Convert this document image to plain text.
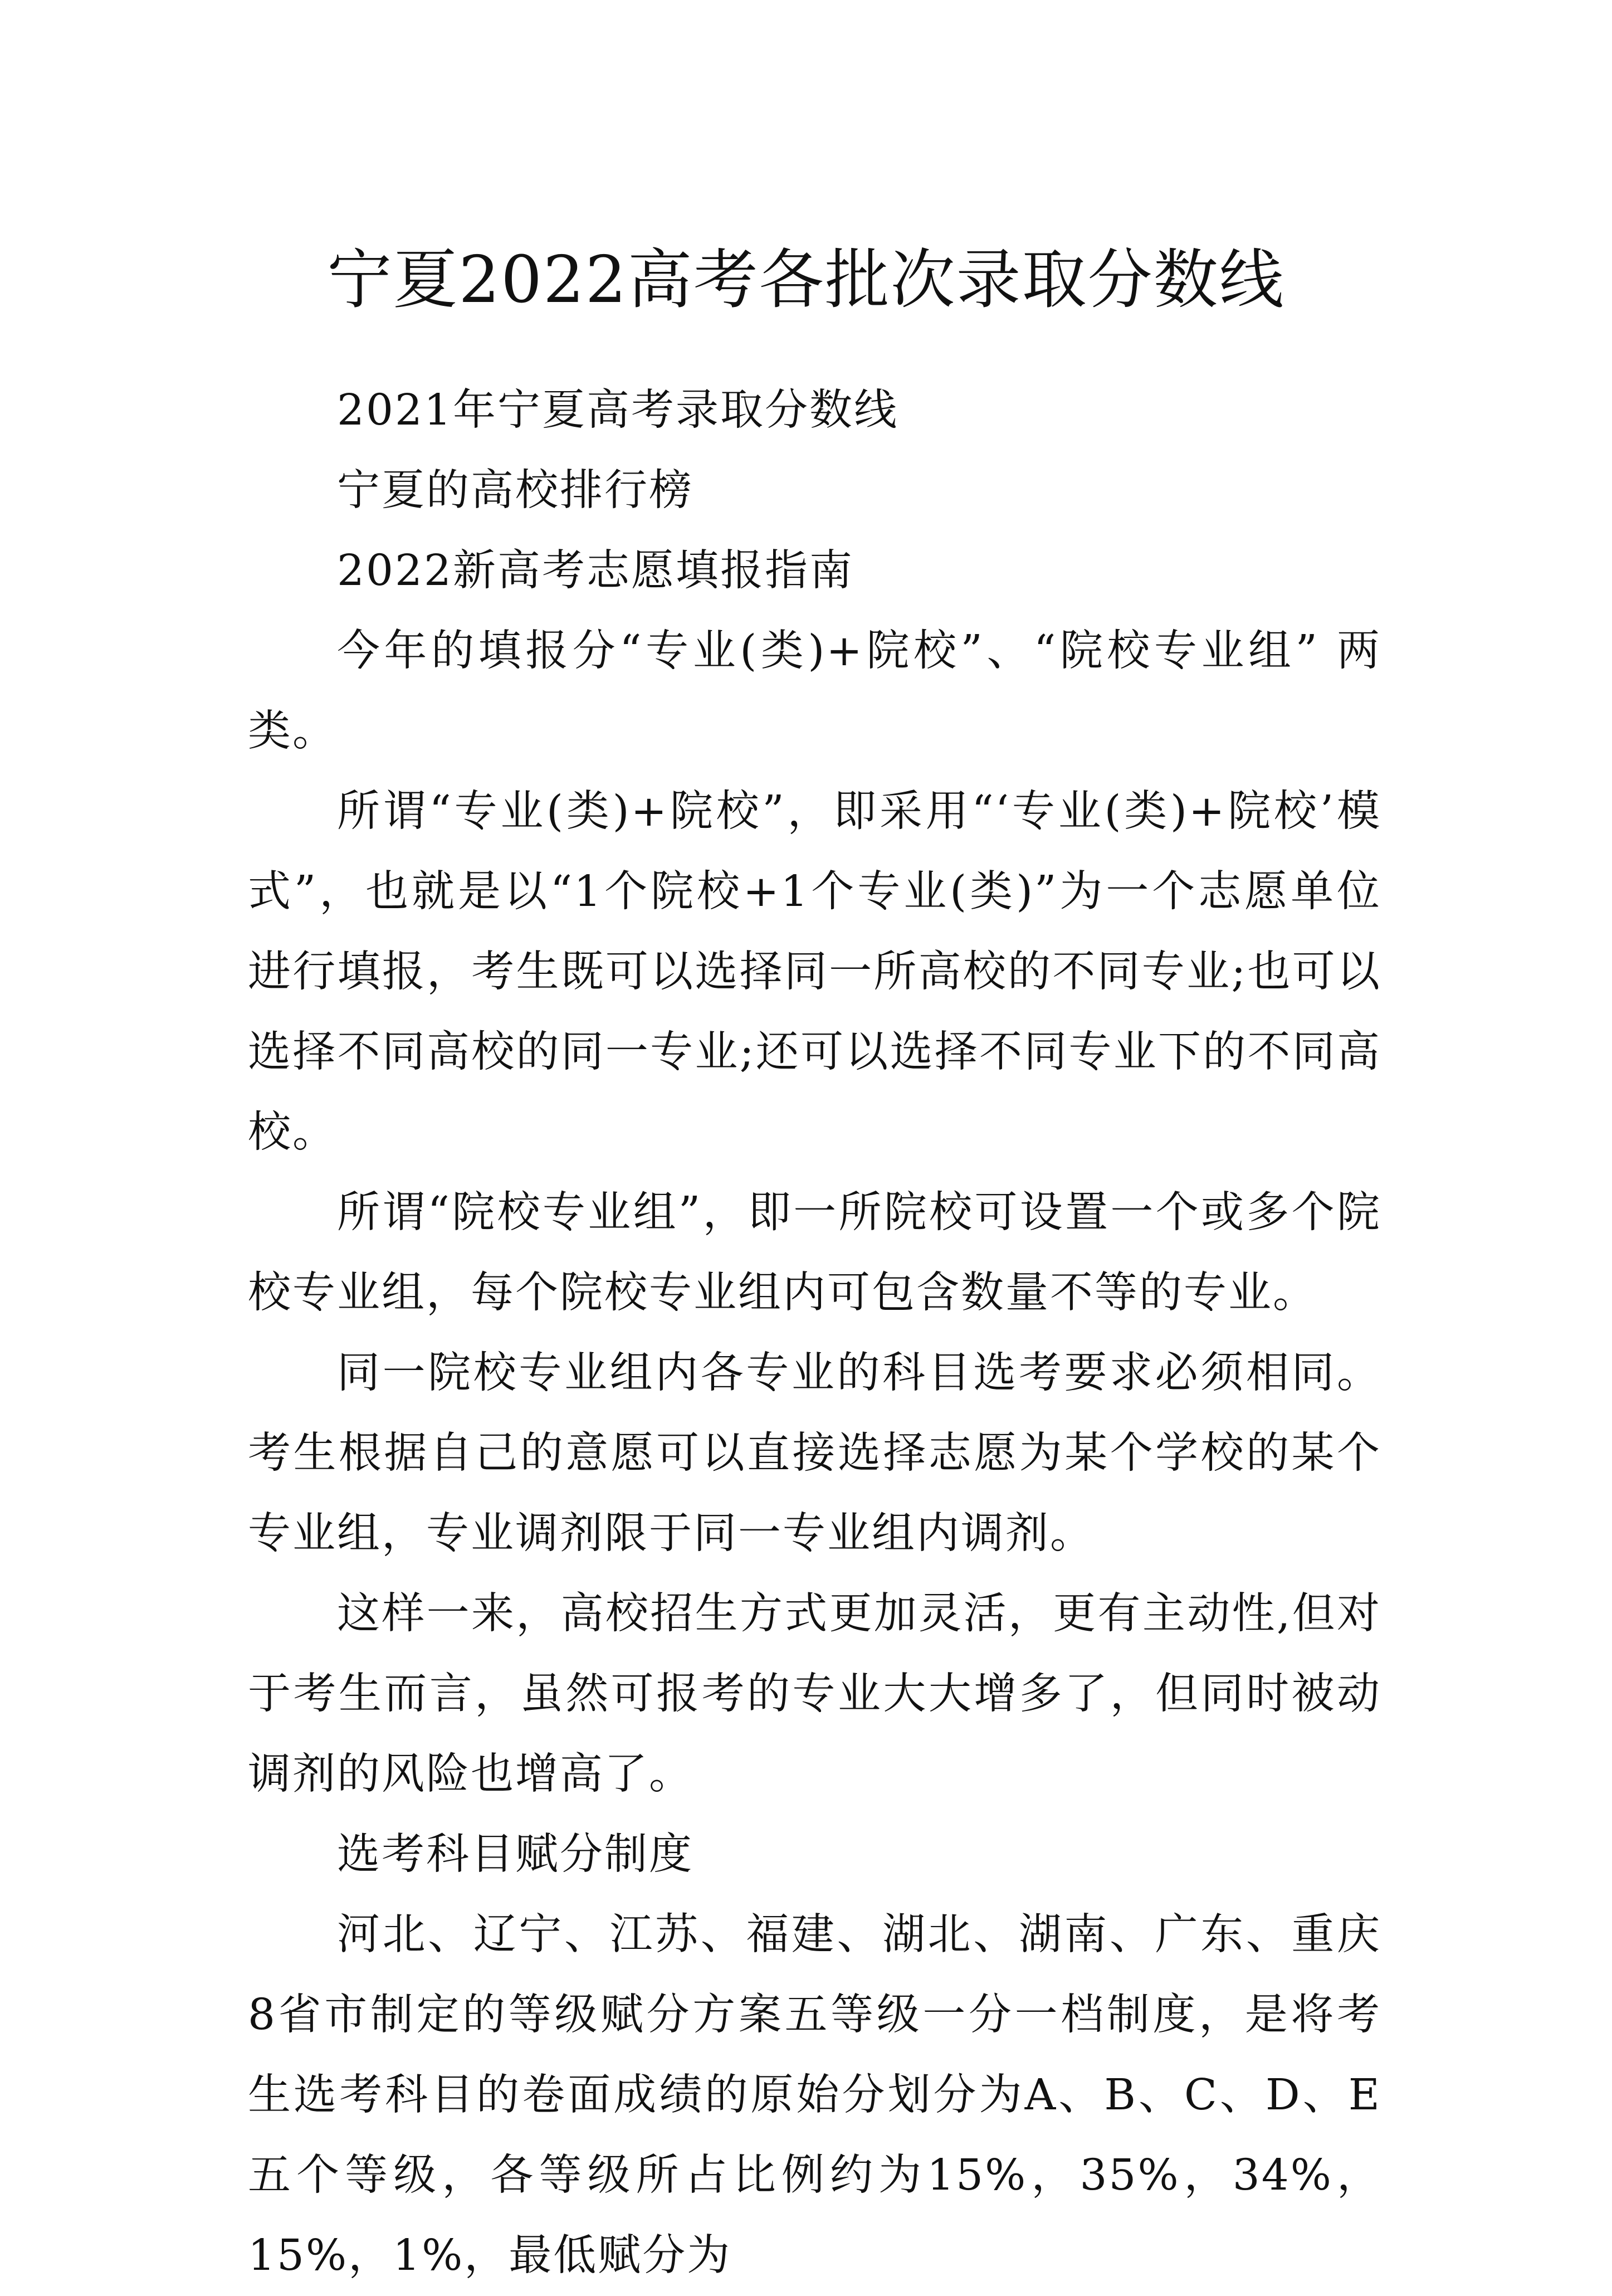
宁夏2022高考各批次录取分数线

2021年宁夏高考录取分数线

宁夏的高校排行榜

2022新高考志愿填报指南

今年的填报分“专业(类)+院校”、“院校专业组” 两类。

所谓“专业(类)+院校”，即采用“‘专业(类)+院校’模式”，也就是以“1个院校+1个专业(类)”为一个志愿单位进行填报，考生既可以选择同一所高校的不同专业;也可以选择不同高校的同一专业;还可以选择不同专业下的不同高校。

所谓“院校专业组”，即一所院校可设置一个或多个院校专业组，每个院校专业组内可包含数量不等的专业。

同一院校专业组内各专业的科目选考要求必须相同。考生根据自己的意愿可以直接选择志愿为某个学校的某个专业组，专业调剂限于同一专业组内调剂。

这样一来，高校招生方式更加灵活，更有主动性,但对于考生而言，虽然可报考的专业大大增多了，但同时被动调剂的风险也增高了。

选考科目赋分制度

河北、辽宁、江苏、福建、湖北、湖南、广东、重庆8省市制定的等级赋分方案五等级一分一档制度，是将考生选考科目的卷面成绩的原始分划分为A、B、C、D、E五个等级，各等级所占比例约为15%，35%，34%，15%，1%，最低赋分为
